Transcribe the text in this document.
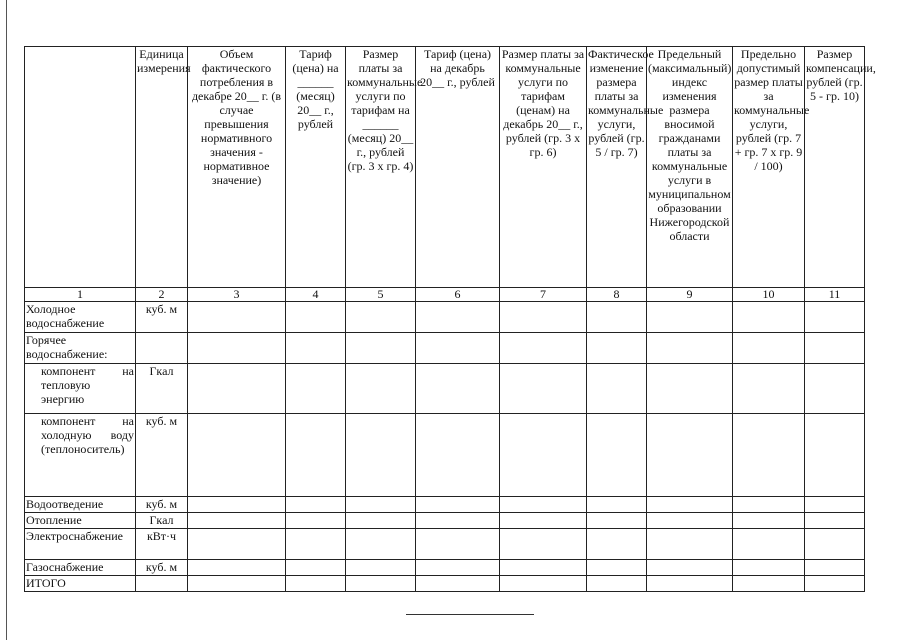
	Единица измерения	Объем фактического потребления в декабре 20__ г. (в случае превышения нормативного значения - нормативное значение)	Тариф (цена) на ______ (месяц) 20__ г., рублей	Размер платы за коммунальные услуги по тарифам на ______ (месяц) 20__ г., рублей (гр. 3 x гр. 4)	Тариф (цена) на декабрь 20__ г., рублей	Размер платы за коммунальные услуги по тарифам (ценам) на декабрь 20__ г., рублей (гр. 3 x гр. 6)	Фактическое изменение размера платы за коммунальные услуги, рублей (гр. 5 / гр. 7)	Предельный (максимальный) индекс изменения размера вносимой гражданами платы за коммунальные услуги в муниципальном образовании Нижегородской области	Предельно допустимый размер платы за коммунальные услуги, рублей (гр. 7 + гр. 7 x гр. 9 / 100)	Размер компенсации, рублей (гр. 5 - гр. 10)
1	2	3	4	5	6	7	8	9	10	11
Холодное водоснабжение	куб. м									
Горячее водоснабжение:										
компонент на тепловую энергию	Гкал									
компонент на холодную воду (теплоноситель)	куб. м									
Водоотведение	куб. м									
Отопление	Гкал									
Электроснабжение	кВт·ч									
Газоснабжение	куб. м									
ИТОГО										
